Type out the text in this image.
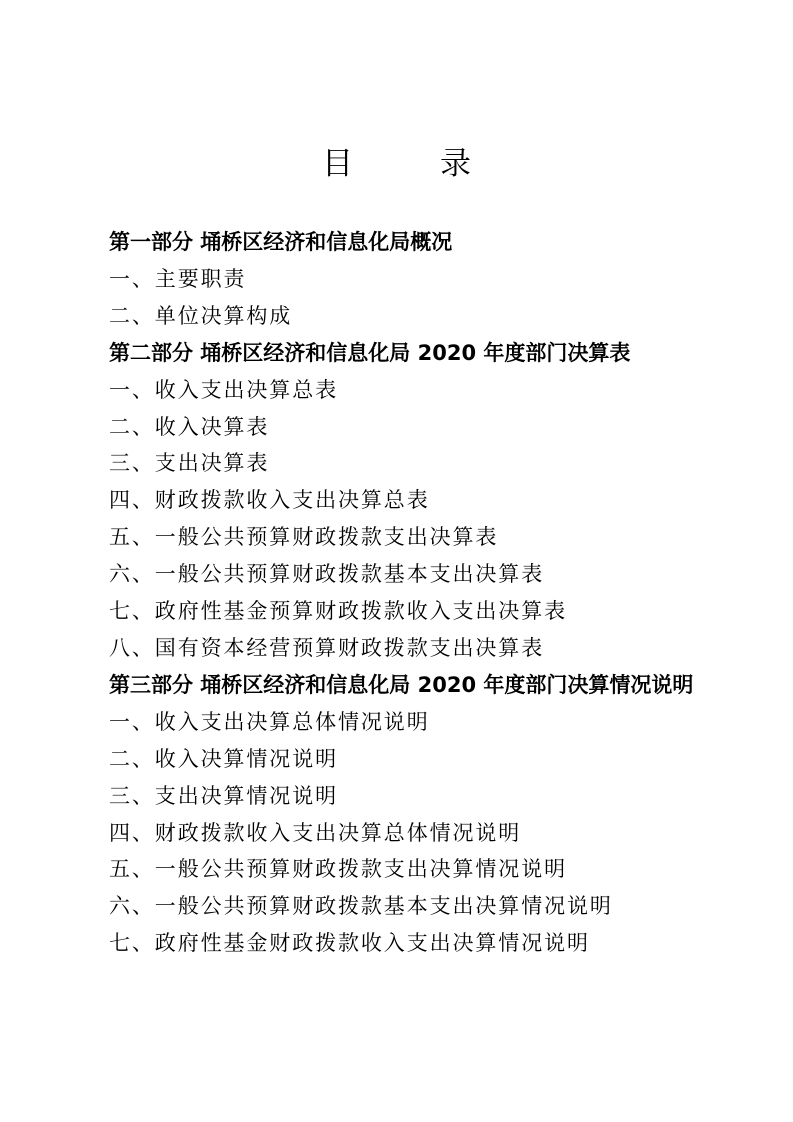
目　录
第一部分 埇桥区经济和信息化局概况
一、主要职责
二、单位决算构成
第二部分 埇桥区经济和信息化局 2020 年度部门决算表
一、收入支出决算总表
二、收入决算表
三、支出决算表
四、财政拨款收入支出决算总表
五、一般公共预算财政拨款支出决算表
六、一般公共预算财政拨款基本支出决算表
七、政府性基金预算财政拨款收入支出决算表
八、国有资本经营预算财政拨款支出决算表
第三部分 埇桥区经济和信息化局 2020 年度部门决算情况说明
一、收入支出决算总体情况说明
二、收入决算情况说明
三、支出决算情况说明
四、财政拨款收入支出决算总体情况说明
五、一般公共预算财政拨款支出决算情况说明
六、一般公共预算财政拨款基本支出决算情况说明
七、政府性基金财政拨款收入支出决算情况说明
